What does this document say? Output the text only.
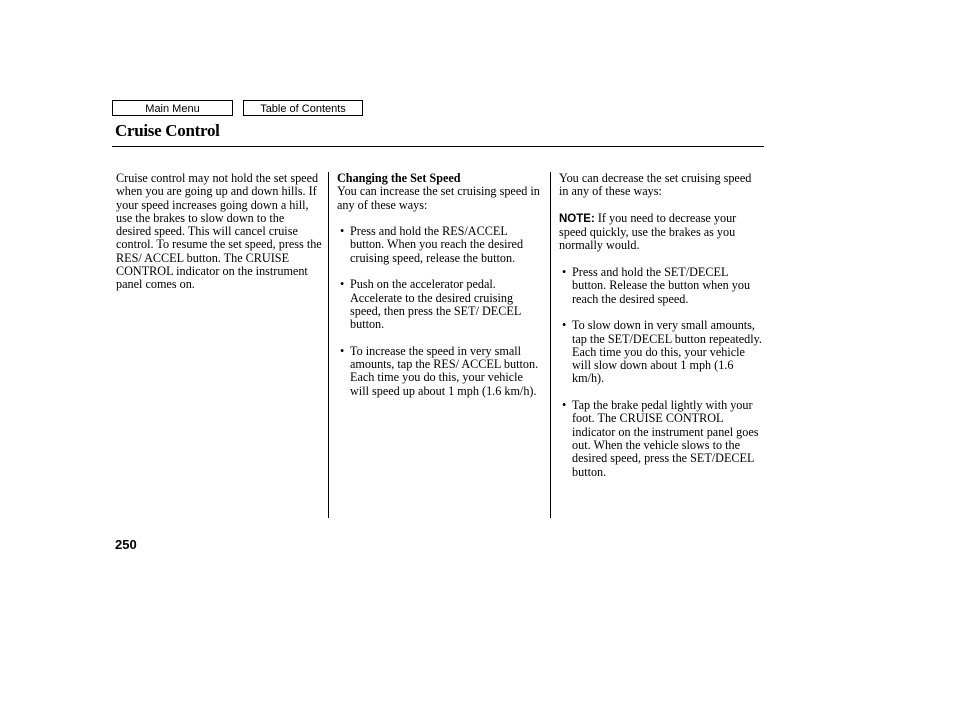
Main Menu	Table of Contents
Cruise Control

Cruise control may not hold the set speed when you are going up and down hills. If your speed increases going down a hill, use the brakes to slow down to the desired speed. This will cancel cruise control. To resume the set speed, press the RES/ ACCEL button. The CRUISE CONTROL indicator on the instrument panel comes on.

Changing the Set Speed

You can increase the set cruising speed in any of these ways:

• Press and hold the RES/ACCEL button. When you reach the desired cruising speed, release the button.
• Push on the accelerator pedal. Accelerate to the desired cruising speed, then press the SET/ DECEL button.
• To increase the speed in very small amounts, tap the RES/ ACCEL button. Each time you do this, your vehicle will speed up about 1 mph (1.6 km/h).

You can decrease the set cruising speed in any of these ways:

NOTE: If you need to decrease your speed quickly, use the brakes as you normally would.

• Press and hold the SET/DECEL button. Release the button when you reach the desired speed.
• To slow down in very small amounts, tap the SET/DECEL button repeatedly. Each time you do this, your vehicle will slow down about 1 mph (1.6 km/h).
• Tap the brake pedal lightly with your foot. The CRUISE CONTROL indicator on the instrument panel goes out. When the vehicle slows to the desired speed, press the SET/DECEL button.
250
